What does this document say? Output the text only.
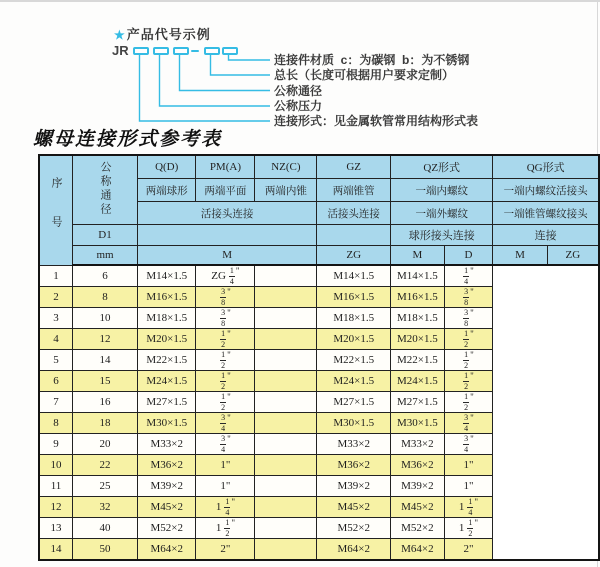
★产品代号示例
JR
连接件材质  c：为碳钢  b：为不锈钢
总长（长度可根据用户要求定制）
公称通径
公称压力
连接形式：见金属软管常用结构形式表
螺母连接形式参考表
序号	公称通径	Q(D)	PM(A)	NZ(C)	GZ	QZ形式		QG形式	
		两端球形	两端平面	两端内锥	两端锥管	一端内螺纹		一端内螺纹活接头	
		活接头连接			活接头连接	一端外螺纹		一端锥管螺纹接头	
	D1					球形接头连接		连接	
	mm	M			ZG	M	D	M	ZG
1	6	M14×1.5	ZG $\frac{1}{4} ^"$		M14×1.5	M14×1.5	$\frac{1}{4} ^"$
2	8	M16×1.5	$\frac{3}{8} ^"$		M16×1.5	M16×1.5	$\frac{3}{8} ^"$
3	10	M18×1.5	$\frac{3}{8} ^"$		M18×1.5	M18×1.5	$\frac{3}{8} ^"$
4	12	M20×1.5	$\frac{1}{2} ^"$		M20×1.5	M20×1.5	$\frac{1}{2} ^"$
5	14	M22×1.5	$\frac{1}{2} ^"$		M22×1.5	M22×1.5	$\frac{1}{2} ^"$
6	15	M24×1.5	$\frac{1}{2} ^"$		M24×1.5	M24×1.5	$\frac{1}{2} ^"$
7	16	M27×1.5	$\frac{1}{2} ^"$		M27×1.5	M27×1.5	$\frac{1}{2} ^"$
8	18	M30×1.5	$\frac{3}{4} ^"$		M30×1.5	M30×1.5	$\frac{3}{4} ^"$
9	20	M33×2	$\frac{3}{4} ^"$		M33×2	M33×2	$\frac{3}{4} ^"$
10	22	M36×2	1"		M36×2	M36×2	1"		
11	25	M39×2	1"		M39×2	M39×2	1"		
12	32	M45×2	$1 \frac{1}{4} ^"$		M45×2	M45×2	$1 \frac{1}{4} ^"$
13	40	M52×2	$1 \frac{1}{2} ^"$		M52×2	M52×2	$1 \frac{1}{2} ^"$
14	50	M64×2	2"		M64×2	M64×2	2"		
